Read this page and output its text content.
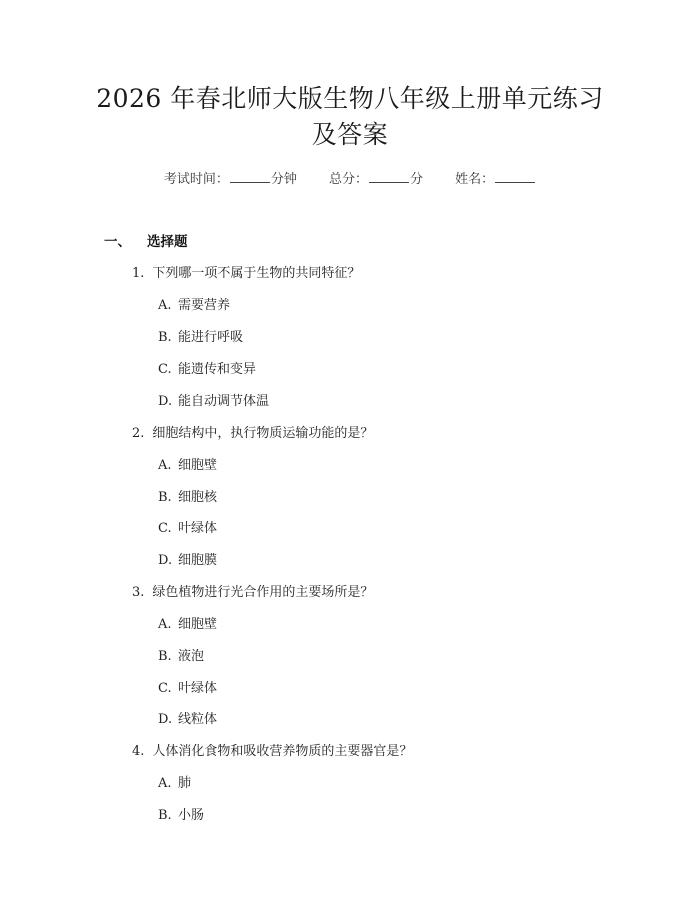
2026 年春北师大版生物八年级上册单元练习
及答案
考试时间：	分钟 总分：	分 姓名：
一、 选择题
1. 下列哪一项不属于生物的共同特征？
A. 需要营养
B. 能进行呼吸
C. 能遗传和变异
D. 能自动调节体温
2. 细胞结构中，执行物质运输功能的是？
A. 细胞壁
B. 细胞核
C. 叶绿体
D. 细胞膜
3. 绿色植物进行光合作用的主要场所是？
A. 细胞壁
B. 液泡
C. 叶绿体
D. 线粒体
4. 人体消化食物和吸收营养物质的主要器官是？
A. 肺
B. 小肠
